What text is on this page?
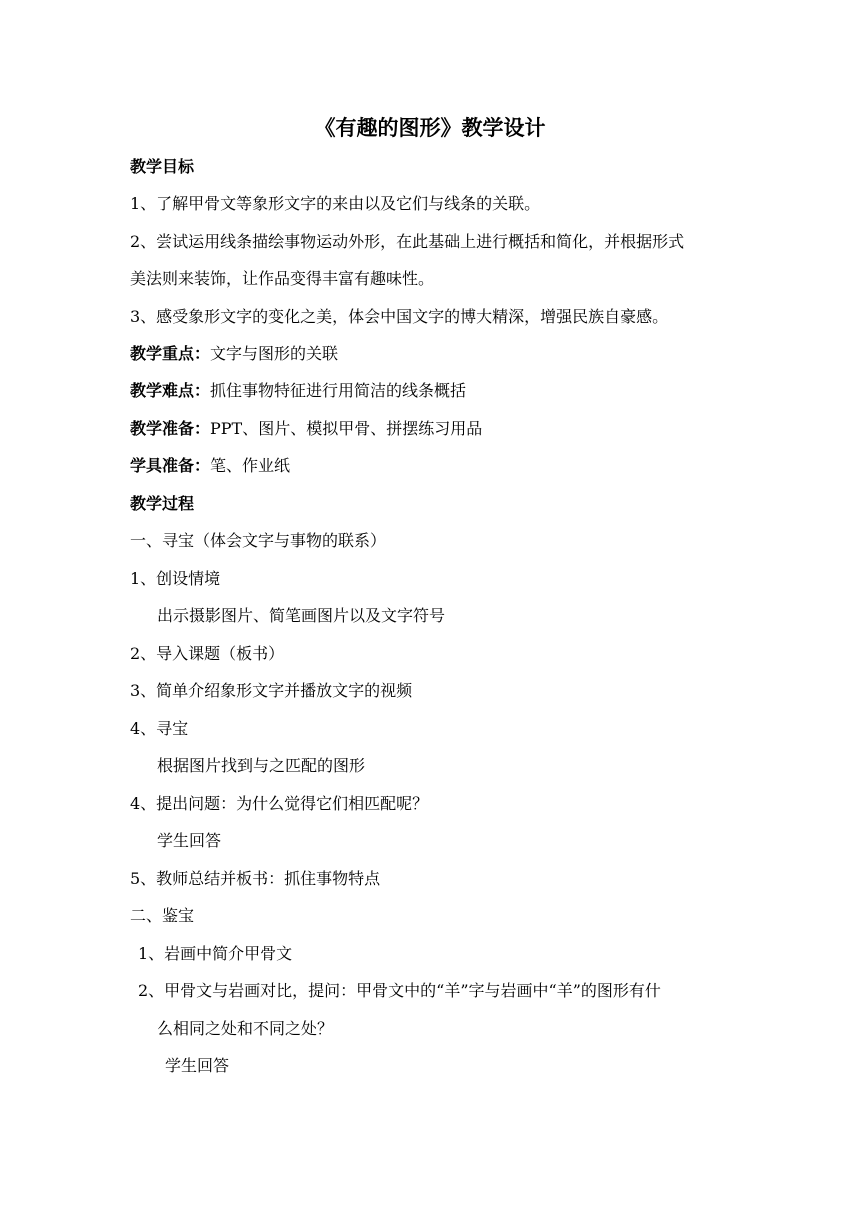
《有趣的图形》教学设计
教学目标
1、了解甲骨文等象形文字的来由以及它们与线条的关联。
2、尝试运用线条描绘事物运动外形，在此基础上进行概括和简化，并根据形式
美法则来装饰，让作品变得丰富有趣味性。
3、感受象形文字的变化之美，体会中国文字的博大精深，增强民族自豪感。
教学重点：文字与图形的关联
教学难点：抓住事物特征进行用简洁的线条概括
教学准备：PPT、图片、模拟甲骨、拼摆练习用品
学具准备：笔、作业纸
教学过程
一、寻宝（体会文字与事物的联系）
1、创设情境
出示摄影图片、简笔画图片以及文字符号
2、导入课题（板书）
3、简单介绍象形文字并播放文字的视频
4、寻宝
根据图片找到与之匹配的图形
4、提出问题：为什么觉得它们相匹配呢？
学生回答
5、教师总结并板书：抓住事物特点
二、鉴宝
1、岩画中简介甲骨文
2、甲骨文与岩画对比，提问：甲骨文中的“羊”字与岩画中“羊”的图形有什
么相同之处和不同之处？
学生回答
